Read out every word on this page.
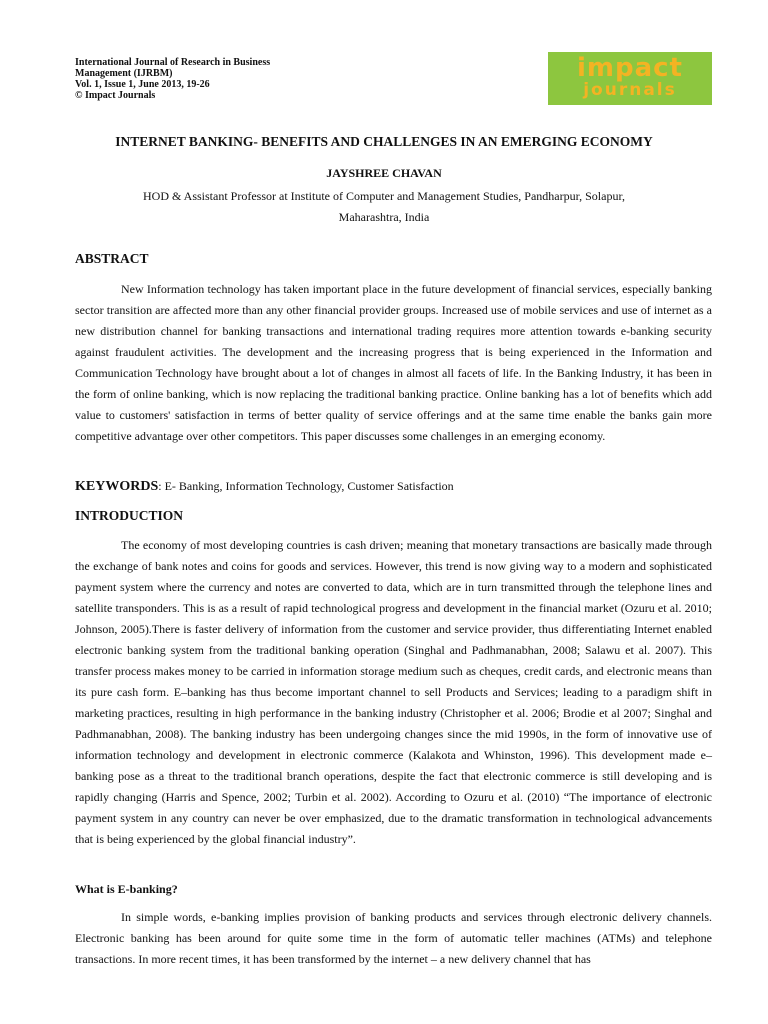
International Journal of Research in Business
Management (IJRBM)
Vol. 1, Issue 1, June 2013, 19-26
© Impact Journals
impact
journals
INTERNET BANKING- BENEFITS AND CHALLENGES IN AN EMERGING ECONOMY
JAYSHREE CHAVAN
HOD & Assistant Professor at Institute of Computer and Management Studies, Pandharpur, Solapur,
Maharashtra, India
ABSTRACT
New Information technology has taken important place in the future development of financial services, especially banking sector transition are affected more than any other financial provider groups. Increased use of mobile services and use of internet as a new distribution channel for banking transactions and international trading requires more attention towards e-banking security against fraudulent activities. The development and the increasing progress that is being experienced in the Information and Communication Technology have brought about a lot of changes in almost all facets of life. In the Banking Industry, it has been in the form of online banking, which is now replacing the traditional banking practice. Online banking has a lot of benefits which add value to customers' satisfaction in terms of better quality of service offerings and at the same time enable the banks gain more competitive advantage over other competitors. This paper discusses some challenges in an emerging economy.
KEYWORDS: E- Banking, Information Technology, Customer Satisfaction
INTRODUCTION
The economy of most developing countries is cash driven; meaning that monetary transactions are basically made through the exchange of bank notes and coins for goods and services. However, this trend is now giving way to a modern and sophisticated payment system where the currency and notes are converted to data, which are in turn transmitted through the telephone lines and satellite transponders. This is as a result of rapid technological progress and development in the financial market (Ozuru et al. 2010; Johnson, 2005).There is faster delivery of information from the customer and service provider, thus differentiating Internet enabled electronic banking system from the traditional banking operation (Singhal and Padhmanabhan, 2008; Salawu et al. 2007). This transfer process makes money to be carried in information storage medium such as cheques, credit cards, and electronic means than its pure cash form. E–banking has thus become important channel to sell Products and Services; leading to a paradigm shift in marketing practices, resulting in high performance in the banking industry (Christopher et al. 2006; Brodie et al 2007; Singhal and Padhmanabhan, 2008). The banking industry has been undergoing changes since the mid 1990s, in the form of innovative use of information technology and development in electronic commerce (Kalakota and Whinston, 1996). This development made e–banking pose as a threat to the traditional branch operations, despite the fact that electronic commerce is still developing and is rapidly changing (Harris and Spence, 2002; Turbin et al. 2002). According to Ozuru et al. (2010) “The importance of electronic payment system in any country can never be over emphasized, due to the dramatic transformation in technological advancements that is being experienced by the global financial industry”.
What is E-banking?
In simple words, e-banking implies provision of banking products and services through electronic delivery channels. Electronic banking has been around for quite some time in the form of automatic teller machines (ATMs) and telephone transactions. In more recent times, it has been transformed by the internet – a new delivery channel that has
